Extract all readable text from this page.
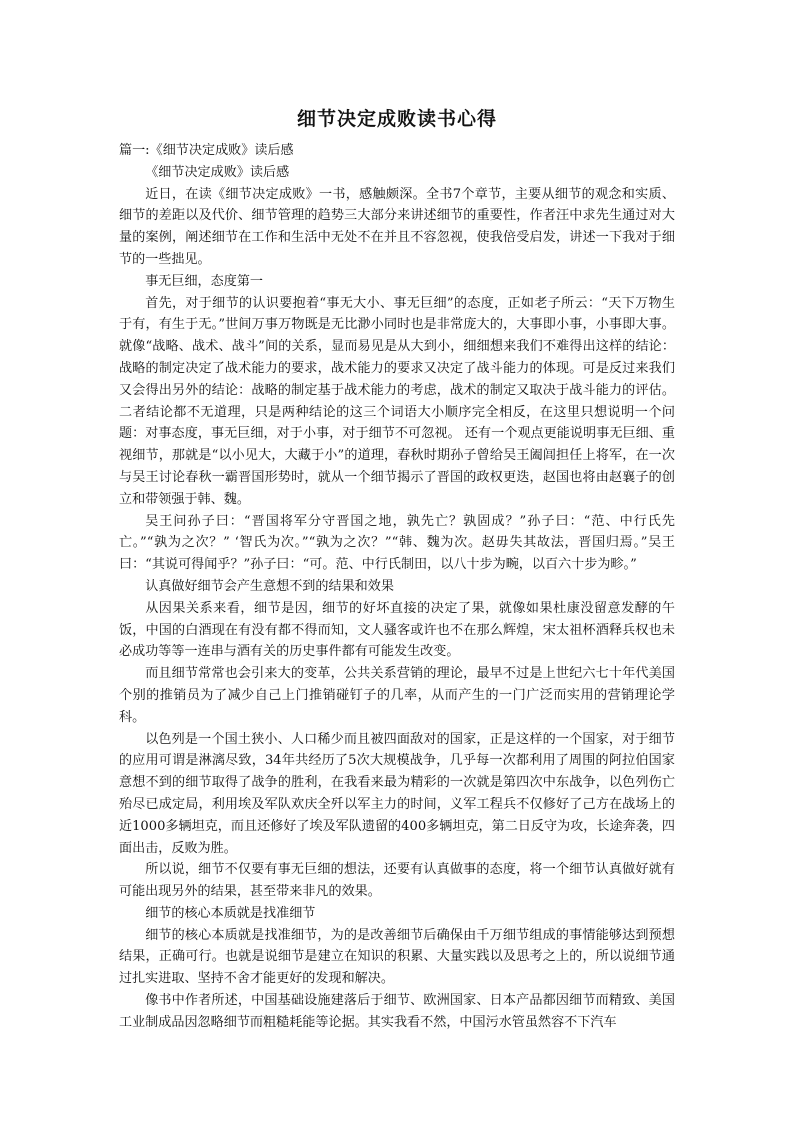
细节决定成败读书心得

篇一:《细节决定成败》读后感

《细节决定成败》读后感

近日，在读《细节决定成败》一书，感触颇深。全书7个章节，主要从细节的观念和实质、细节的差距以及代价、细节管理的趋势三大部分来讲述细节的重要性，作者汪中求先生通过对大量的案例，阐述细节在工作和生活中无处不在并且不容忽视，使我倍受启发，讲述一下我对于细节的一些拙见。

事无巨细，态度第一

首先，对于细节的认识要抱着“事无大小、事无巨细”的态度，正如老子所云：“天下万物生于有，有生于无。”世间万事万物既是无比渺小同时也是非常庞大的，大事即小事，小事即大事。就像“战略、战术、战斗”间的关系，显而易见是从大到小，细细想来我们不难得出这样的结论：战略的制定决定了战术能力的要求，战术能力的要求又决定了战斗能力的体现。可是反过来我们又会得出另外的结论：战略的制定基于战术能力的考虑，战术的制定又取决于战斗能力的评估。二者结论都不无道理，只是两种结论的这三个词语大小顺序完全相反，在这里只想说明一个问题：对事态度，事无巨细，对于小事，对于细节不可忽视。 还有一个观点更能说明事无巨细、重视细节，那就是“以小见大，大藏于小”的道理，春秋时期孙子曾给吴王阖闾担任上将军，在一次与吴王讨论春秋一霸晋国形势时，就从一个细节揭示了晋国的政权更迭，赵国也将由赵襄子的创立和带领强于韩、魏。

吴王问孙子曰：“晋国将军分守晋国之地，孰先亡？孰固成？”孙子曰：“范、中行氏先亡。”“孰为之次？” ‘智氏为次。”“孰为之次？”“韩、魏为次。赵毋失其故法，晋国归焉。”吴王曰：“其说可得闻乎？”孙子曰：“可。范、中行氏制田，以八十步为畹，以百六十步为畛。”

认真做好细节会产生意想不到的结果和效果

从因果关系来看，细节是因，细节的好坏直接的决定了果，就像如果杜康没留意发酵的午饭，中国的白酒现在有没有都不得而知，文人骚客或许也不在那么辉煌，宋太祖杯酒释兵权也未必成功等等一连串与酒有关的历史事件都有可能发生改变。

而且细节常常也会引来大的变革，公共关系营销的理论，最早不过是上世纪六七十年代美国个别的推销员为了减少自己上门推销碰钉子的几率，从而产生的一门广泛而实用的营销理论学科。

以色列是一个国土狭小、人口稀少而且被四面敌对的国家，正是这样的一个国家，对于细节的应用可谓是淋漓尽致，34年共经历了5次大规模战争，几乎每一次都利用了周围的阿拉伯国家意想不到的细节取得了战争的胜利，在我看来最为精彩的一次就是第四次中东战争，以色列伤亡殆尽已成定局，利用埃及军队欢庆全歼以军主力的时间，义军工程兵不仅修好了己方在战场上的近1000多辆坦克，而且还修好了埃及军队遗留的400多辆坦克，第二日反守为攻，长途奔袭，四面出击，反败为胜。

所以说，细节不仅要有事无巨细的想法，还要有认真做事的态度，将一个细节认真做好就有可能出现另外的结果，甚至带来非凡的效果。

细节的核心本质就是找准细节

细节的核心本质就是找准细节，为的是改善细节后确保由千万细节组成的事情能够达到预想结果，正确可行。也就是说细节是建立在知识的积累、大量实践以及思考之上的，所以说细节通过扎实进取、坚持不舍才能更好的发现和解决。

像书中作者所述，中国基础设施建落后于细节、欧洲国家、日本产品都因细节而精致、美国工业制成品因忽略细节而粗糙耗能等论据。其实我看不然，中国污水管虽然容不下汽车
